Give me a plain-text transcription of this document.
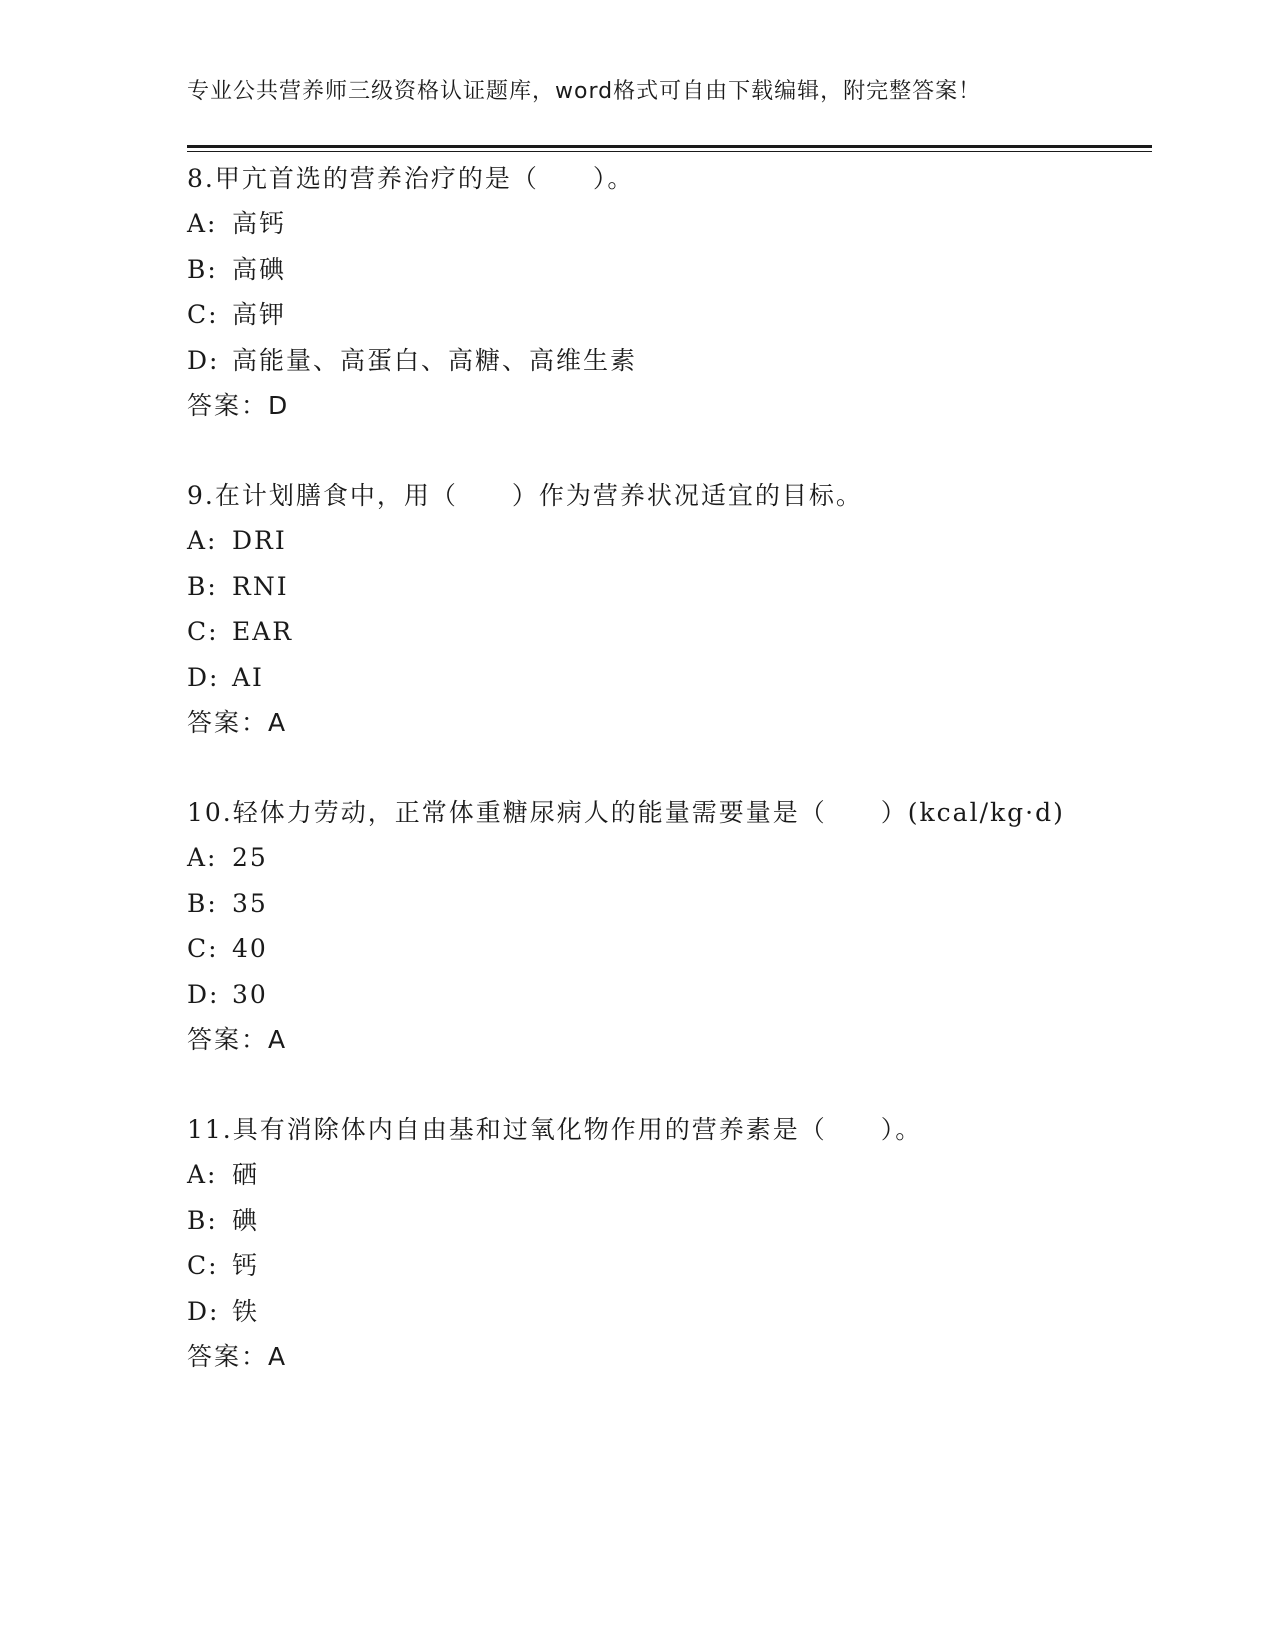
专业公共营养师三级资格认证题库，word格式可自由下载编辑，附完整答案！
8.甲亢首选的营养治疗的是（　　）。
A: 高钙
B: 高碘
C: 高钾
D: 高能量、高蛋白、高糖、高维生素
答案：D
9.在计划膳食中，用（　　）作为营养状况适宜的目标。
A: DRI
B: RNI
C: EAR
D: AI
答案：A
10.轻体力劳动，正常体重糖尿病人的能量需要量是（　　）(kcal/kg·d)
A: 25
B: 35
C: 40
D: 30
答案：A
11.具有消除体内自由基和过氧化物作用的营养素是（　　）。
A: 硒
B: 碘
C: 钙
D: 铁
答案：A
